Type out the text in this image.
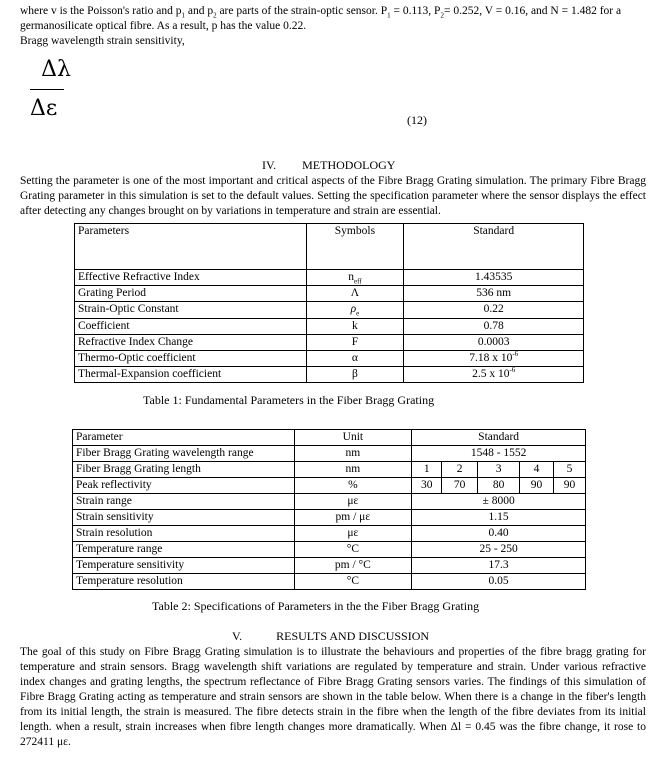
where v is the Poisson's ratio and $p_1$ and $p_2$ are parts of the strain-optic sensor. $P_1 = 0.113$, $P_2= 0.252$, V = 0.16, and N = 1.482 for a
germanosilicate optical fibre. As a result, p has the value 0.22.
Bragg wavelength strain sensitivity,
Δλ
Δε	(12)
IV. METHODOLOGY
Setting the parameter is one of the most important and critical aspects of the Fibre Bragg Grating simulation. The primary Fibre Bragg Grating parameter in this simulation is set to the default values. Setting the specification parameter where the sensor displays the effect after detecting any changes brought on by variations in temperature and strain are essential.
Parameters	Symbols	Standard
Effective Refractive Index	$n_{eff}$	1.43535
Grating Period	Λ	536 nm
Strain-Optic Constant	$\rho_e$	0.22
Coefficient	k	0.78
Refractive Index Change	F	0.0003
Thermo-Optic coefficient	α	7.18 x $10^{-6}$
Thermal-Expansion coefficient	β	2.5 x $10^{-6}$
Table 1: Fundamental Parameters in the Fiber Bragg Grating
Parameter	Unit	Standard				
Fiber Bragg Grating wavelength range	nm	1548 - 1552				
Fiber Bragg Grating length	nm	1	2	3	4	5
Peak reflectivity	%	30	70	80	90	90
Strain range	με	± 8000				
Strain sensitivity	pm / με	1.15				
Strain resolution	με	0.40				
Temperature range	°C	25 - 250				
Temperature sensitivity	pm / °C	17.3				
Temperature resolution	°C	0.05				
Table 2: Specifications of Parameters in the the Fiber Bragg Grating
V.	RESULTS AND DISCUSSION
The goal of this study on Fibre Bragg Grating simulation is to illustrate the behaviours and properties of the fibre bragg grating for temperature and strain sensors. Bragg wavelength shift variations are regulated by temperature and strain. Under various refractive index changes and grating lengths, the spectrum reflectance of Fibre Bragg Grating sensors varies. The findings of this simulation of Fibre Bragg Grating acting as temperature and strain sensors are shown in the table below. When there is a change in the fiber's length from its initial length, the strain is measured. The fibre detects strain in the fibre when the length of the fibre deviates from its initial length. when a result, strain increases when fibre length changes more dramatically. When Δl = 0.45 was the fibre change, it rose to 272411 με.
